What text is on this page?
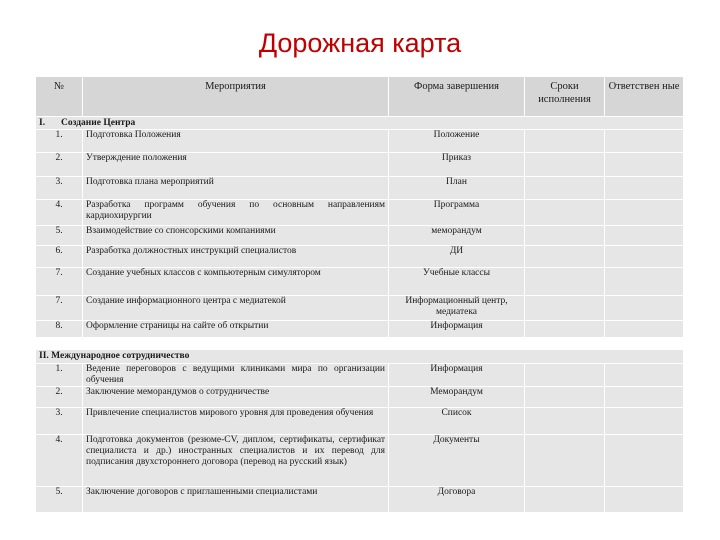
Дорожная карта
№	Мероприятия	Форма завершения	Сроки исполнения	Ответствен ные
I. Создание Центра				
1.	Подготовка Положения	Положение		
2.	Утверждение положения	Приказ		
3.	Подготовка плана мероприятий	План		
4.	Разработка программ обучения по основным направлениям кардиохирургии	Программа		
5.	Взаимодействие со спонсорскими компаниями	меморандум		
6.	Разработка должностных инструкций специалистов	ДИ		
7.	Создание учебных классов с компьютерным симулятором	Учебные классы		
7.	Создание информационного центра с медиатекой	Информационный центр, медиатека		
8.	Оформление страницы на сайте об открытии	Информация		

II. Международное сотрудничество				
1.	Ведение переговоров с ведущими клиниками мира по организации обучения	Информация		
2.	Заключение меморандумов о сотрудничестве	Меморандум		
3.	Привлечение специалистов мирового уровня для проведения обучения	Список		
4.	Подготовка документов (резюме-CV, диплом, сертификаты, сертификат специалиста и др.) иностранных специалистов и их перевод для подписания двухстороннего договора (перевод на русский язык)	Документы		
5.	Заключение договоров с приглашенными специалистами	Договора		
